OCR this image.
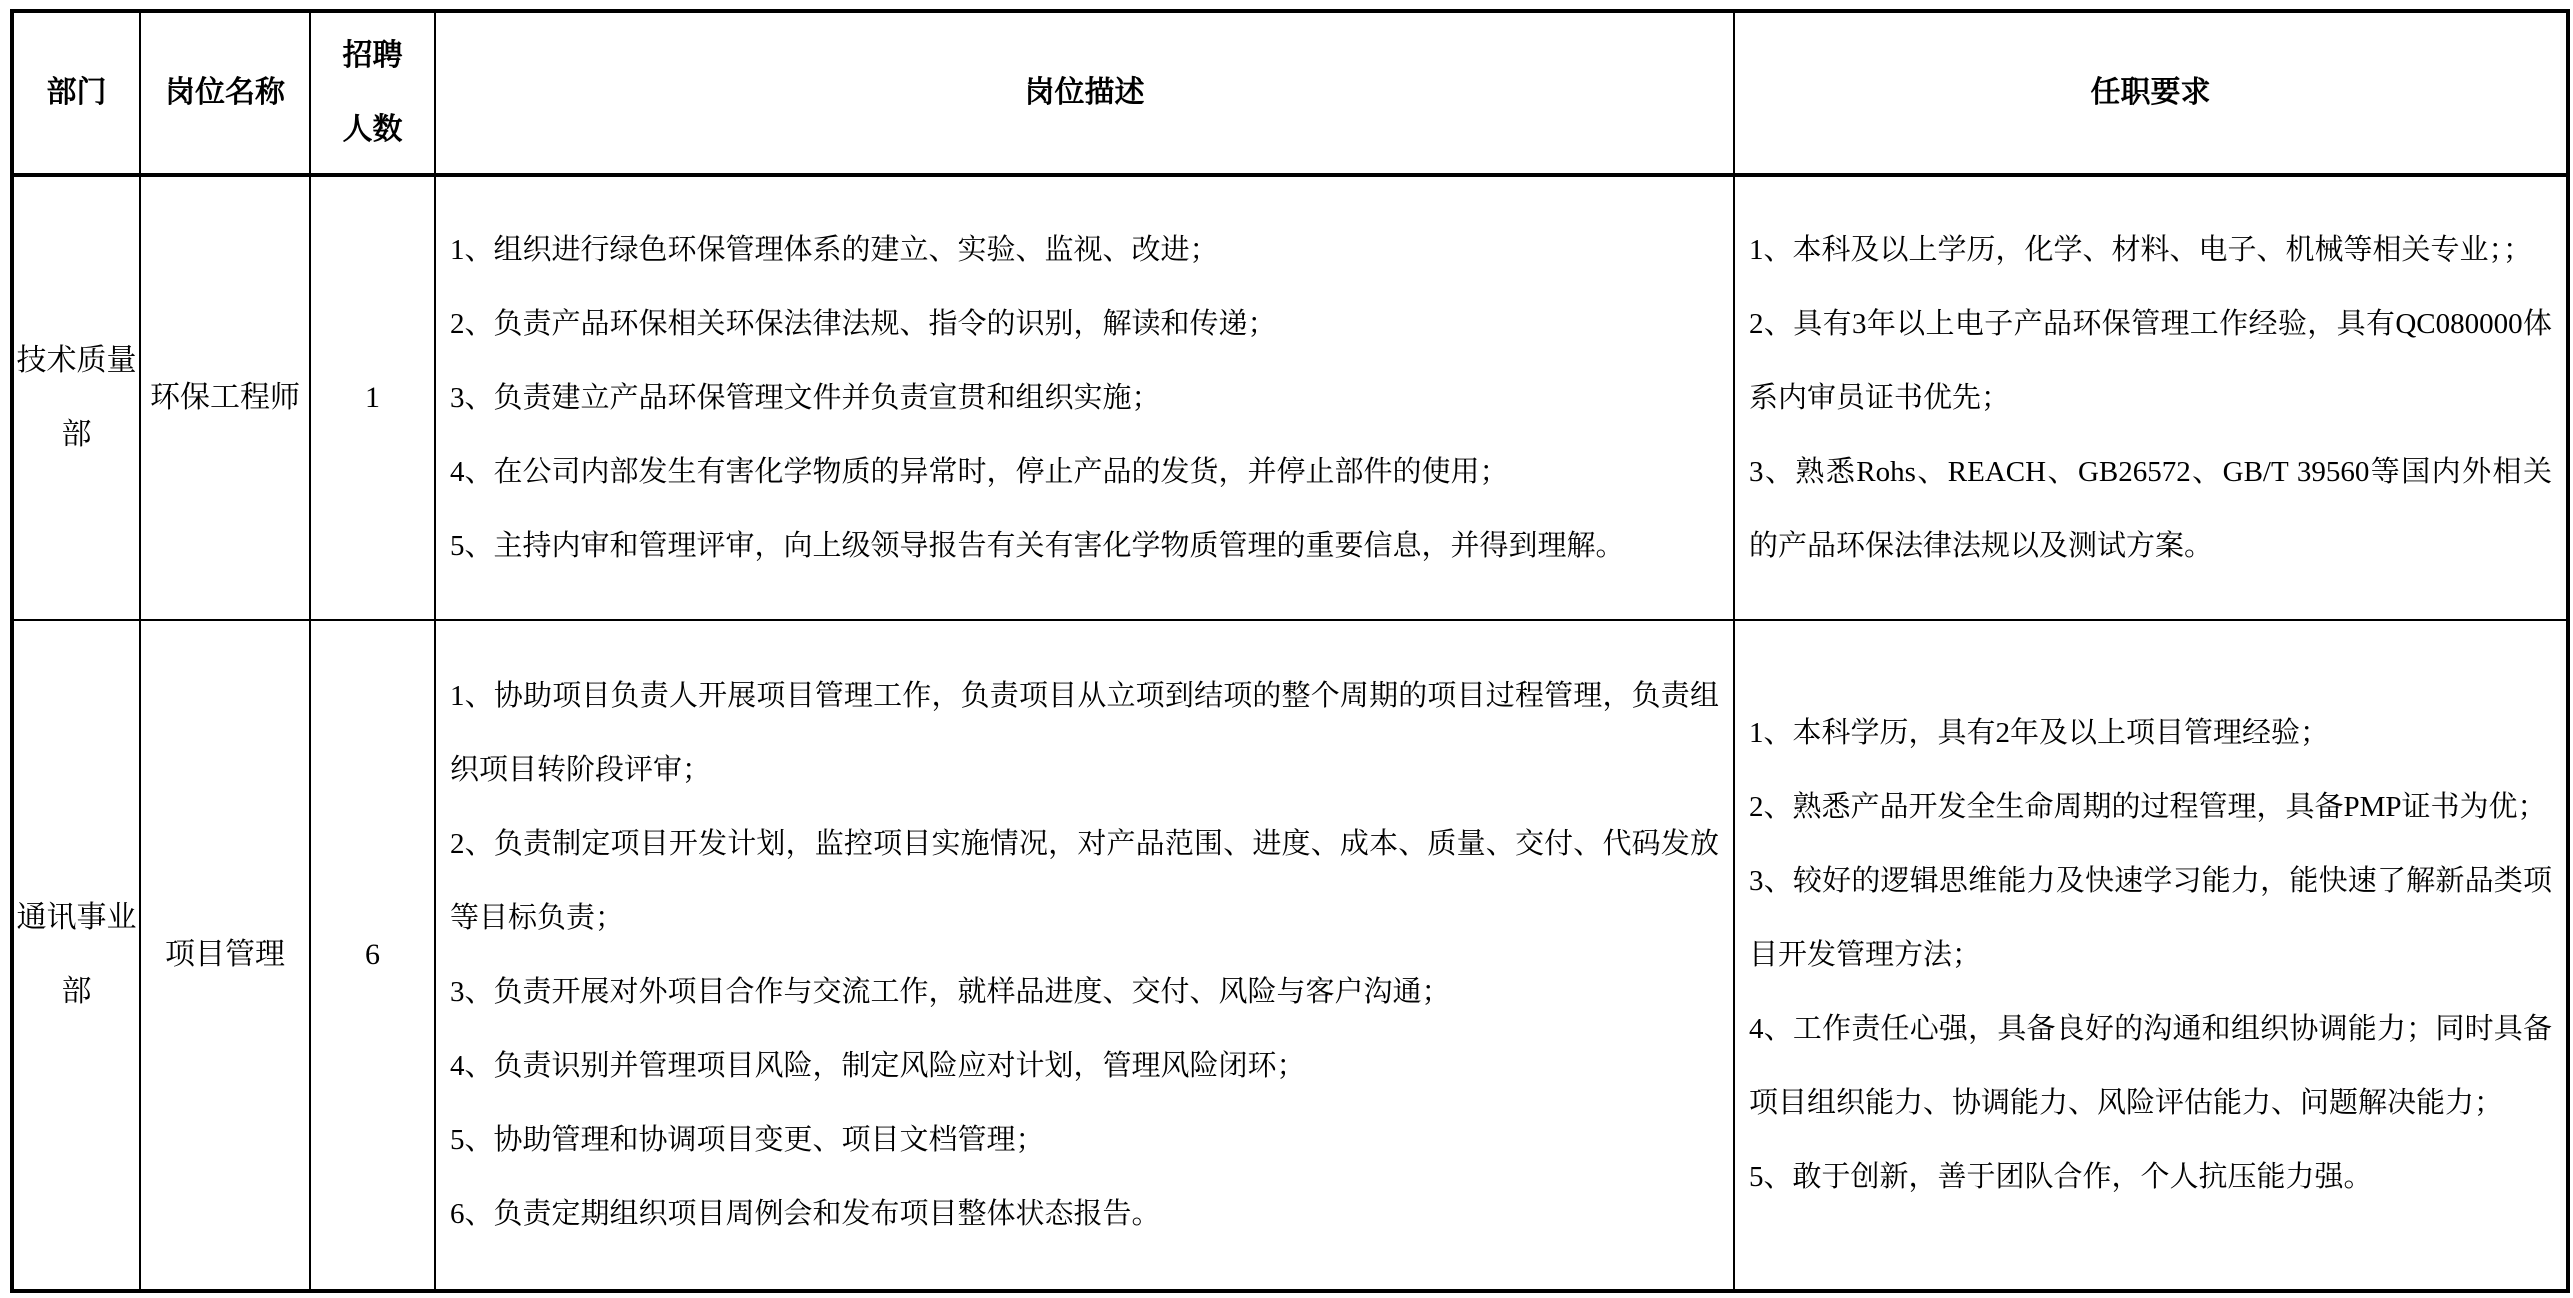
部门	岗位名称	招聘人数	岗位描述	任职要求
技术质量部	环保工程师	1	
1、组织进行绿色环保管理体系的建立、实验、监视、改进；
2、负责产品环保相关环保法律法规、指令的识别，解读和传递；
3、负责建立产品环保管理文件并负责宣贯和组织实施；
4、在公司内部发生有害化学物质的异常时，停止产品的发货，并停止部件的使用；
5、主持内审和管理评审，向上级领导报告有关有害化学物质管理的重要信息，并得到理解。

1、本科及以上学历，化学、材料、电子、机械等相关专业；；
2、具有3年以上电子产品环保管理工作经验，具有QC080000体系内审员证书优先；
3、熟悉Rohs、REACH、GB26572、GB/T 39560等国内外相关的产品环保法律法规以及测试方案。

通讯事业部	项目管理	6	
1、协助项目负责人开展项目管理工作，负责项目从立项到结项的整个周期的项目过程管理，负责组织项目转阶段评审；
2、负责制定项目开发计划，监控项目实施情况，对产品范围、进度、成本、质量、交付、代码发放等目标负责；
3、负责开展对外项目合作与交流工作，就样品进度、交付、风险与客户沟通；
4、负责识别并管理项目风险，制定风险应对计划，管理风险闭环；
5、协助管理和协调项目变更、项目文档管理；
6、负责定期组织项目周例会和发布项目整体状态报告。

1、本科学历，具有2年及以上项目管理经验；
2、熟悉产品开发全生命周期的过程管理，具备PMP证书为优；
3、较好的逻辑思维能力及快速学习能力，能快速了解新品类项目开发管理方法；
4、工作责任心强，具备良好的沟通和组织协调能力；同时具备项目组织能力、协调能力、风险评估能力、问题解决能力；
5、敢于创新，善于团队合作，个人抗压能力强。
